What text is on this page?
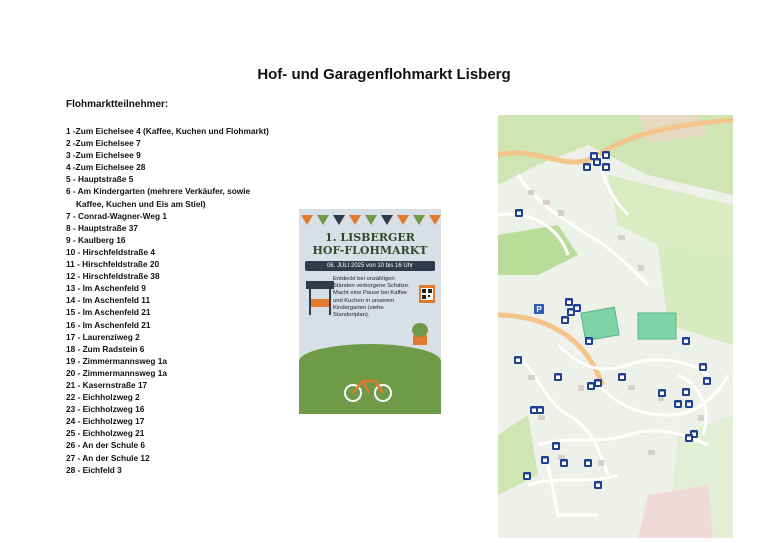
Hof- und Garagenflohmarkt Lisberg
Flohmarktteilnehmer:
1 -Zum Eichelsee 4 (Kaffee, Kuchen und Flohmarkt)
2 -Zum Eichelsee 7
3 -Zum Eichelsee 9
4 -Zum Eichelsee 28
5 - Hauptstraße 5
6 - Am Kindergarten (mehrere Verkäufer, sowie
Kaffee, Kuchen und Eis am Stiel)
7 - Conrad-Wagner-Weg 1
8 - Hauptstraße 37
9 - Kaulberg 16
10 - Hirschfeldstraße 4
11 - Hirschfeldstraße 20
12 - Hirschfeldstraße 38
13 - Im Aschenfeld 9
14 - Im Aschenfeld 11
15 - Im Aschenfeld 21
16 - Im Aschenfeld 21
17 - Laurenziweg 2
18 - Zum Radstein 6
19 - Zimmermannsweg 1a
20 - Zimmermannsweg 1a
21 - Kasernstraße 17
22 - Eichholzweg 2
23 - Eichholzweg 16
24 - Eichholzweg 17
25 - Eichholzweg 21
26 - An der Schule 6
27 - An der Schule 12
28 - Eichfeld 3
1. LISBERGER
HOF-FLOHMARKT
06. JULI 2025 von 10 bis 16 Uhr
Entdeckt bei unzähligen Ständen verborgene Schätze. Macht eine Pause bei Kaffee und Kuchen in unserem Kindergarten (siehe Standortplan).
P
